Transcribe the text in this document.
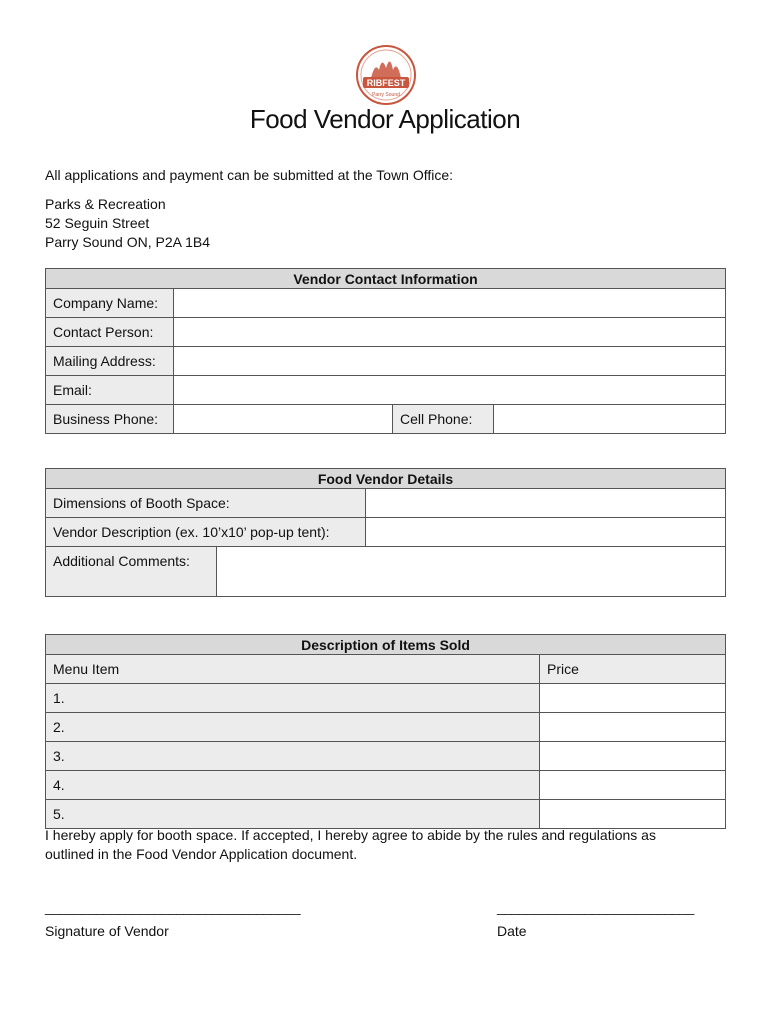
RIBFEST
Parry Sound
Food Vendor Application
All applications and payment can be submitted at the Town Office:
Parks & Recreation
52 Seguin Street
Parry Sound ON, P2A 1B4
Vendor Contact Information			
Company Name:			
Contact Person:			
Mailing Address:			
Email:			
Business Phone:		Cell Phone:	
Food Vendor Details		
Dimensions of Booth Space:		
Vendor Description (ex. 10’x10’ pop-up tent):		
Additional Comments:		
Description of Items Sold	
Menu Item	Price
1.	
2.	
3.	
4.	
5.	
I hereby apply for booth space. If accepted, I hereby agree to abide by the rules and regulations as
outlined in the Food Vendor Application document.
___________________________________	___________________________
Signature of Vendor	Date
